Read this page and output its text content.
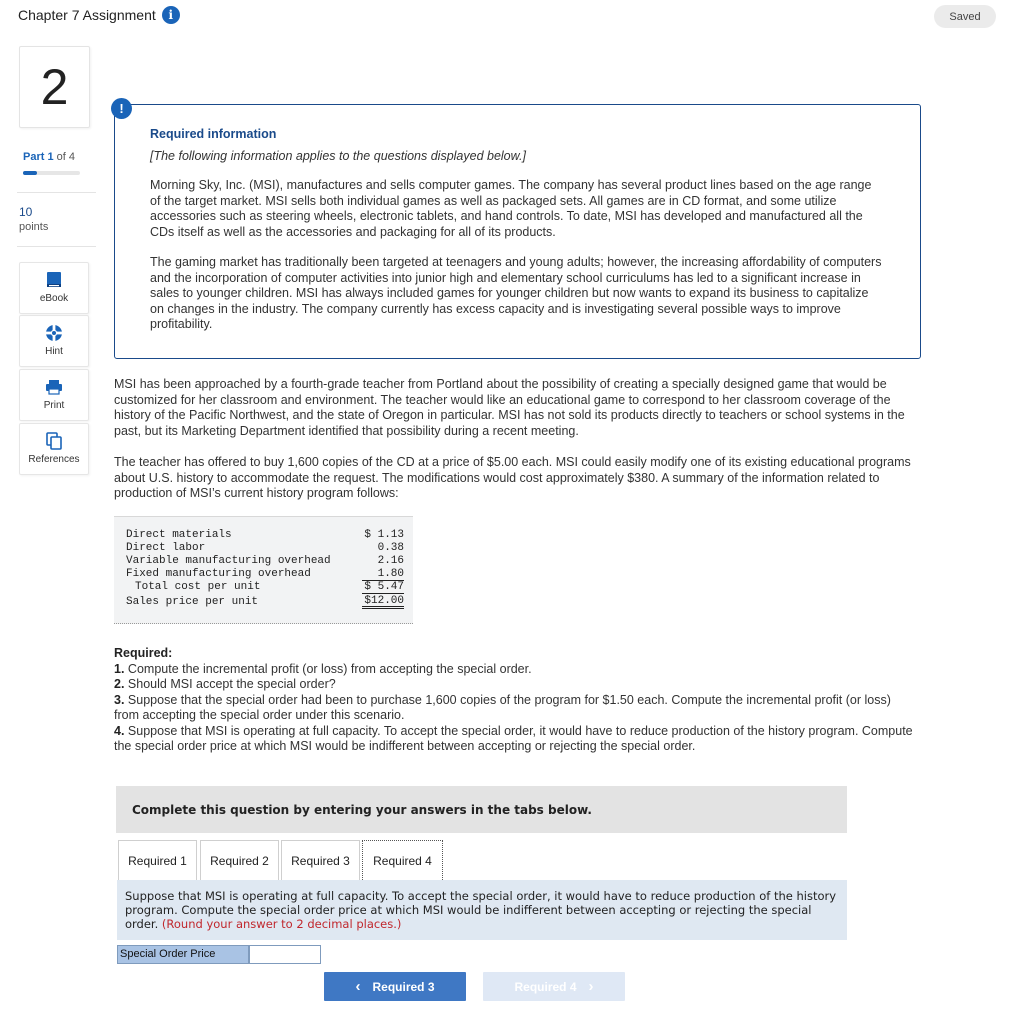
Chapter 7 Assignment	i	Saved
2
Part 1 of 4
10
points
eBook
Hint
Print
References
!
Required information
[The following information applies to the questions displayed below.]

Morning Sky, Inc. (MSI), manufactures and sells computer games. The company has several product lines based on the age range of the target market. MSI sells both individual games as well as packaged sets. All games are in CD format, and some utilize accessories such as steering wheels, electronic tablets, and hand controls. To date, MSI has developed and manufactured all the CDs itself as well as the accessories and packaging for all of its products.

The gaming market has traditionally been targeted at teenagers and young adults; however, the increasing affordability of computers and the incorporation of computer activities into junior high and elementary school curriculums has led to a significant increase in sales to younger children. MSI has always included games for younger children but now wants to expand its business to capitalize on changes in the industry. The company currently has excess capacity and is investigating several possible ways to improve profitability.

MSI has been approached by a fourth-grade teacher from Portland about the possibility of creating a specially designed game that would be customized for her classroom and environment. The teacher would like an educational game to correspond to her classroom coverage of the history of the Pacific Northwest, and the state of Oregon in particular. MSI has not sold its products directly to teachers or school systems in the past, but its Marketing Department identified that possibility during a recent meeting.
The teacher has offered to buy 1,600 copies of the CD at a price of $5.00 each. MSI could easily modify one of its existing educational programs about U.S. history to accommodate the request. The modifications would cost approximately $380. A summary of the information related to production of MSI’s current history program follows:
Direct materials	$ 1.13
Direct labor	0.38
Variable manufacturing overhead	2.16
Fixed manufacturing overhead	1.80
Total cost per unit	$ 5.47
Sales price per unit	$12.00
Required:
1. Compute the incremental profit (or loss) from accepting the special order.
2. Should MSI accept the special order?
3. Suppose that the special order had been to purchase 1,600 copies of the program for $1.50 each. Compute the incremental profit (or loss) from accepting the special order under this scenario.
4. Suppose that MSI is operating at full capacity. To accept the special order, it would have to reduce production of the history program. Compute the special order price at which MSI would be indifferent between accepting or rejecting the special order.
Complete this question by entering your answers in the tabs below.
Required 1	Required 2	Required 3	Required 4
Suppose that MSI is operating at full capacity. To accept the special order, it would have to reduce production of the history program. Compute the special order price at which MSI would be indifferent between accepting or rejecting the special order. (Round your answer to 2 decimal places.)
Special Order Price
‹ Required 3	Required 4 ›
